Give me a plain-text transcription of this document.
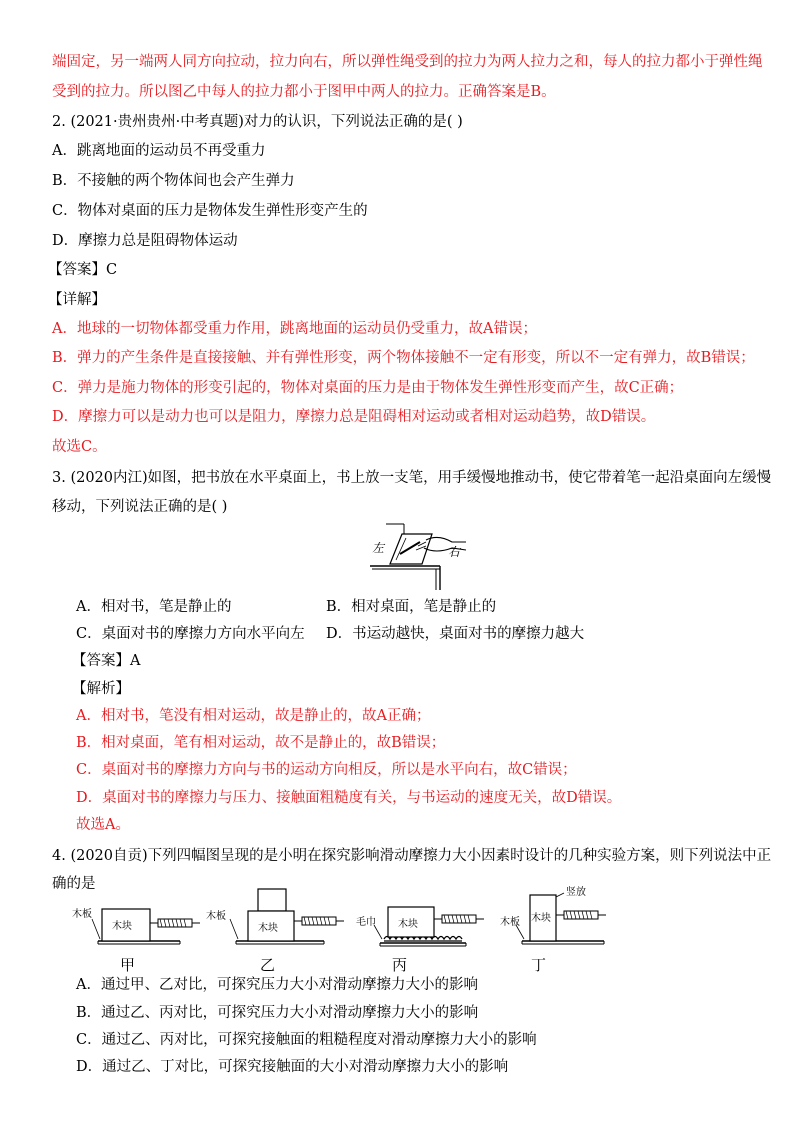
端固定，另一端两人同方向拉动，拉力向右，所以弹性绳受到的拉力为两人拉力之和，每人的拉力都小于弹性绳
受到的拉力。所以图乙中每人的拉力都小于图甲中两人的拉力。正确答案是B。
2. (2021·贵州贵州·中考真题)对力的认识，下列说法正确的是( )
A．跳离地面的运动员不再受重力
B．不接触的两个物体间也会产生弹力
C．物体对桌面的压力是物体发生弹性形变产生的
D．摩擦力总是阻碍物体运动
【答案】C
【详解】
A．地球的一切物体都受重力作用，跳离地面的运动员仍受重力，故A错误；
B．弹力的产生条件是直接接触、并有弹性形变，两个物体接触不一定有形变，所以不一定有弹力，故B错误；
C．弹力是施力物体的形变引起的，物体对桌面的压力是由于物体发生弹性形变而产生，故C正确；
D．摩擦力可以是动力也可以是阻力，摩擦力总是阻碍相对运动或者相对运动趋势，故D错误。
故选C。
3. (2020内江)如图，把书放在水平桌面上，书上放一支笔，用手缓慢地推动书，使它带着笔一起沿桌面向左缓慢
移动，下列说法正确的是( )
左	右
A．相对书，笔是静止的	B．相对桌面，笔是静止的
C．桌面对书的摩擦力方向水平向左 D．书运动越快，桌面对书的摩擦力越大
【答案】A
【解析】
A．相对书，笔没有相对运动，故是静止的，故A正确；
B．相对桌面，笔有相对运动，故不是静止的，故B错误；
C．桌面对书的摩擦力方向与书的运动方向相反，所以是水平向右，故C错误；
D．桌面对书的摩擦力与压力、接触面粗糙度有关，与书运动的速度无关，故D错误。
故选A。
4. (2020自贡)下列四幅图呈现的是小明在探究影响滑动摩擦力大小因素时设计的几种实验方案，则下列说法中正
确的是
木板
木块
甲
木板
木块
乙
毛巾 木块
丙
木板 木块
竖放
丁
A．通过甲、乙对比，可探究压力大小对滑动摩擦力大小的影响
B．通过乙、丙对比，可探究压力大小对滑动摩擦力大小的影响
C．通过乙、丙对比，可探究接触面的粗糙程度对滑动摩擦力大小的影响
D．通过乙、丁对比，可探究接触面的大小对滑动摩擦力大小的影响
